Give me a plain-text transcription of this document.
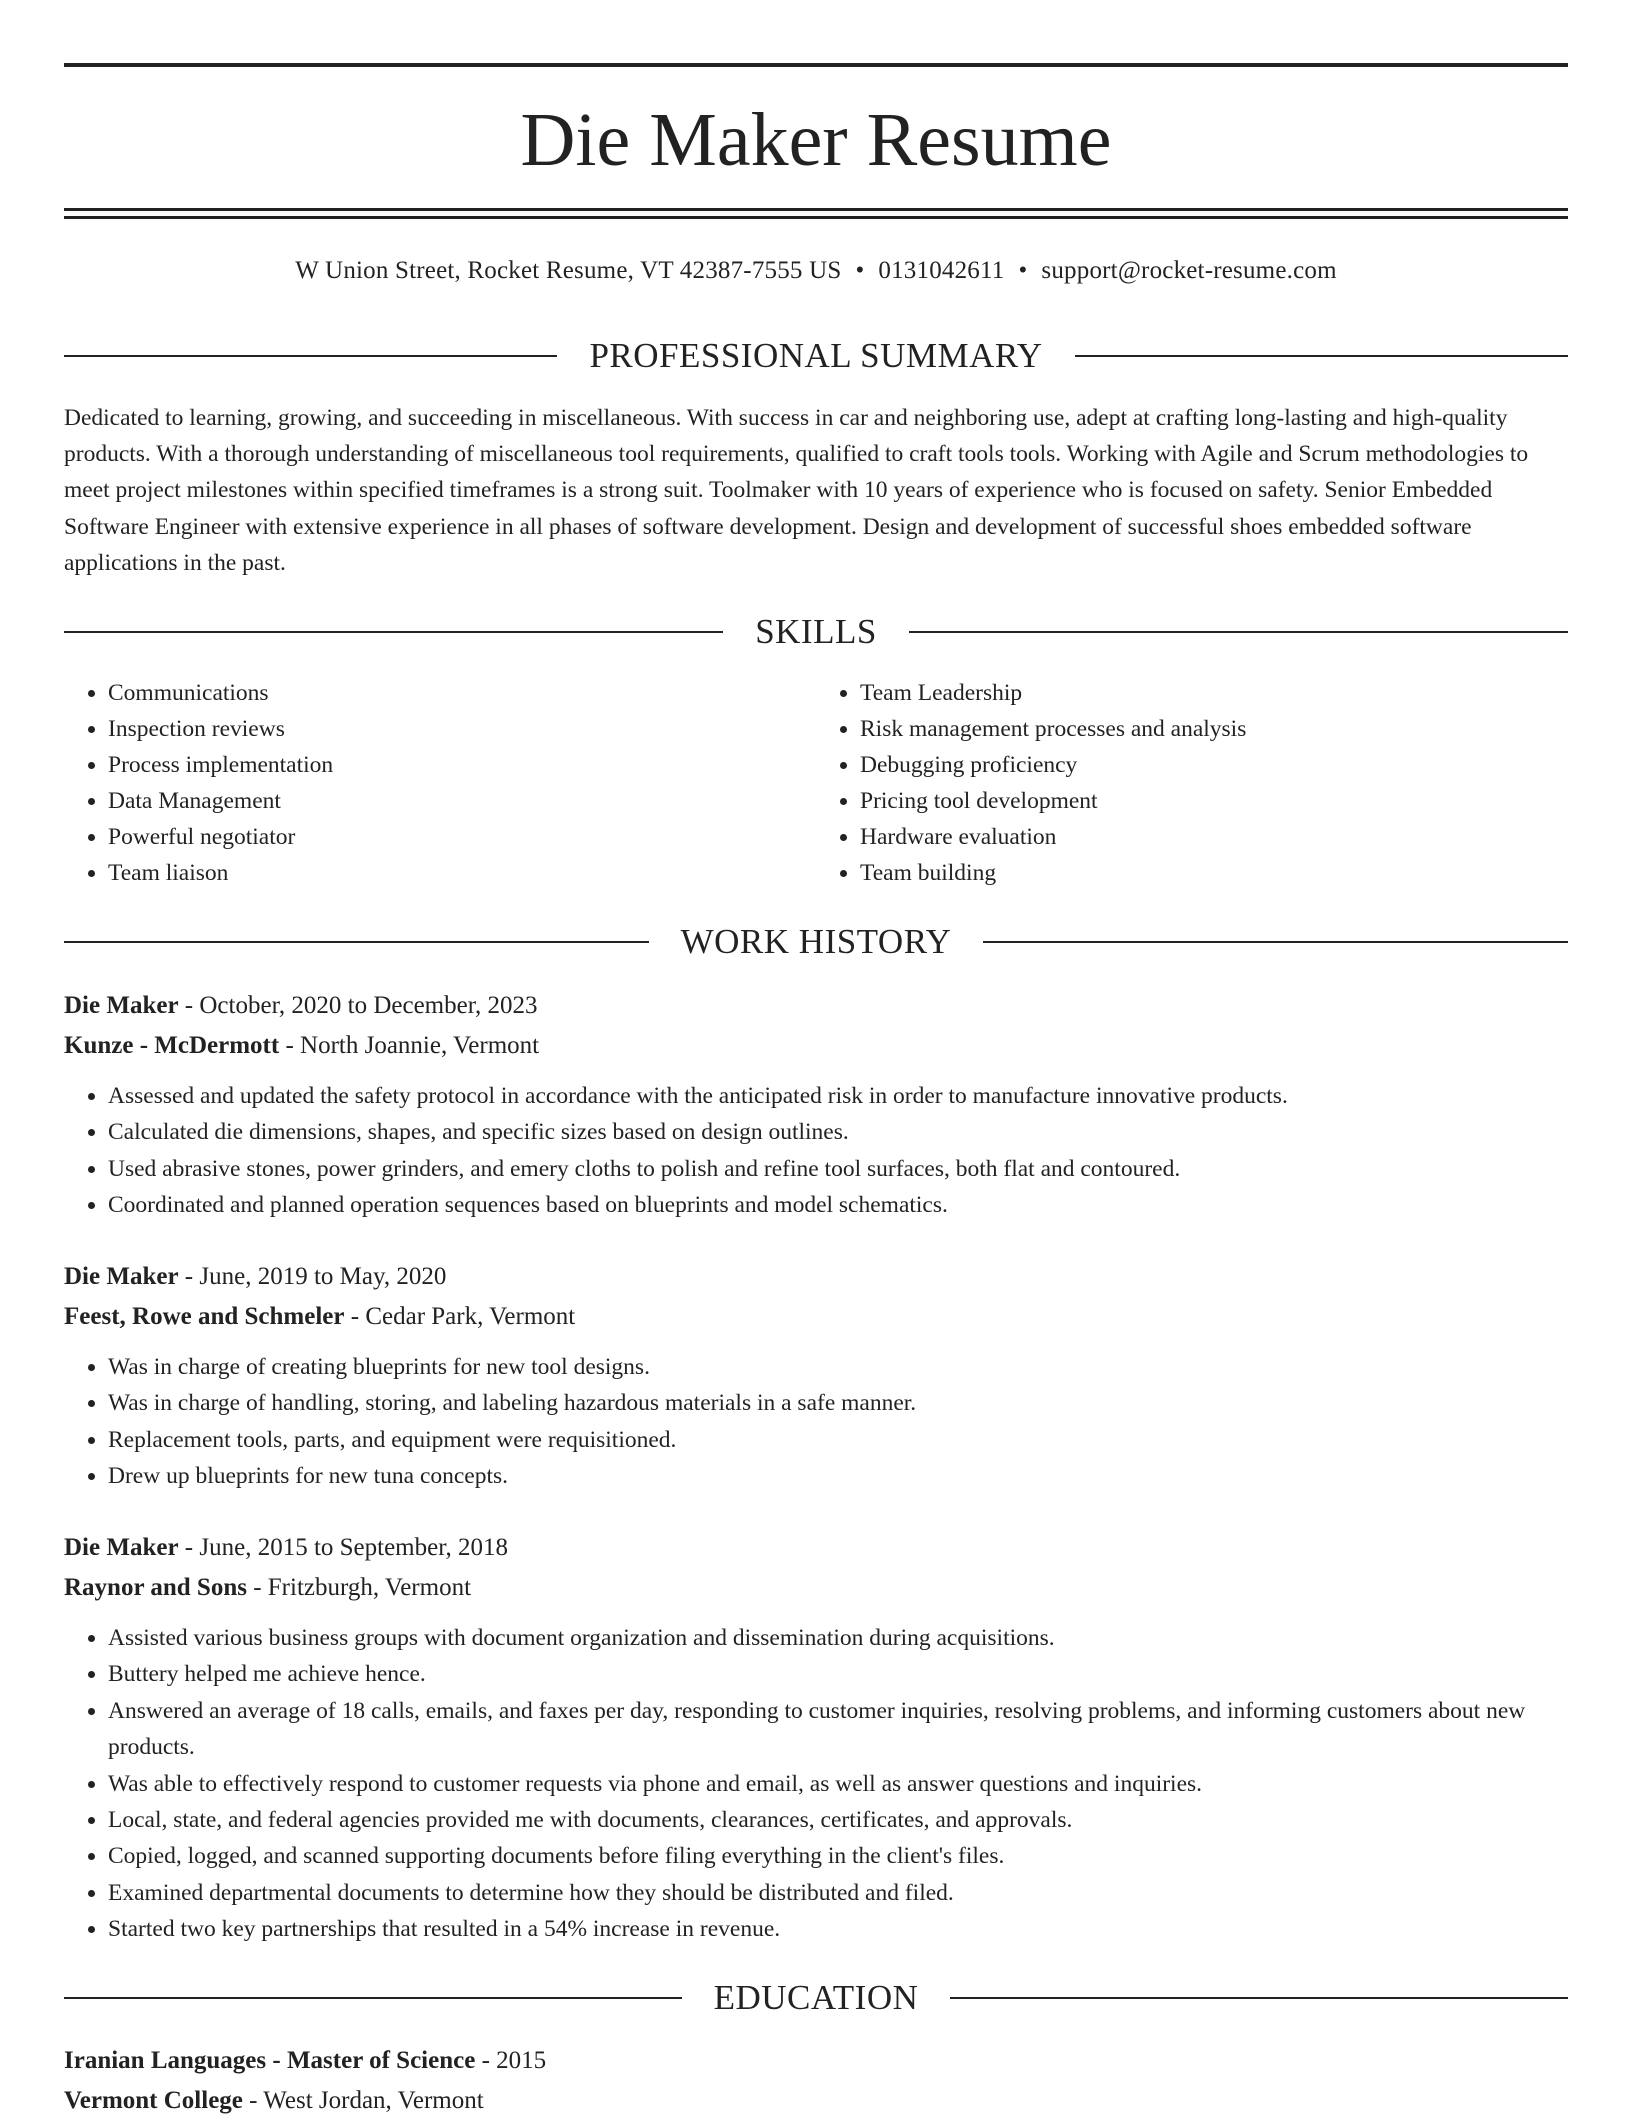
Die Maker Resume
W Union Street, Rocket Resume, VT 42387-7555 US • 0131042611 • support@rocket-resume.com
PROFESSIONAL SUMMARY

Dedicated to learning, growing, and succeeding in miscellaneous. With success in car and neighboring use, adept at crafting long-lasting and high-quality products. With a thorough understanding of miscellaneous tool requirements, qualified to craft tools tools. Working with Agile and Scrum methodologies to meet project milestones within specified timeframes is a strong suit. Toolmaker with 10 years of experience who is focused on safety. Senior Embedded Software Engineer with extensive experience in all phases of software development. Design and development of successful shoes embedded software applications in the past.

SKILLS
• Communications
• Inspection reviews
• Process implementation
• Data Management
• Powerful negotiator
• Team liaison
• Team Leadership
• Risk management processes and analysis
• Debugging proficiency
• Pricing tool development
• Hardware evaluation
• Team building
WORK HISTORY
Die Maker - October, 2020 to December, 2023
Kunze - McDermott - North Joannie, Vermont
• Assessed and updated the safety protocol in accordance with the anticipated risk in order to manufacture innovative products.
• Calculated die dimensions, shapes, and specific sizes based on design outlines.
• Used abrasive stones, power grinders, and emery cloths to polish and refine tool surfaces, both flat and contoured.
• Coordinated and planned operation sequences based on blueprints and model schematics.
Die Maker - June, 2019 to May, 2020
Feest, Rowe and Schmeler - Cedar Park, Vermont
• Was in charge of creating blueprints for new tool designs.
• Was in charge of handling, storing, and labeling hazardous materials in a safe manner.
• Replacement tools, parts, and equipment were requisitioned.
• Drew up blueprints for new tuna concepts.
Die Maker - June, 2015 to September, 2018
Raynor and Sons - Fritzburgh, Vermont
• Assisted various business groups with document organization and dissemination during acquisitions.
• Buttery helped me achieve hence.
• Answered an average of 18 calls, emails, and faxes per day, responding to customer inquiries, resolving problems, and informing customers about new products.
• Was able to effectively respond to customer requests via phone and email, as well as answer questions and inquiries.
• Local, state, and federal agencies provided me with documents, clearances, certificates, and approvals.
• Copied, logged, and scanned supporting documents before filing everything in the client's files.
• Examined departmental documents to determine how they should be distributed and filed.
• Started two key partnerships that resulted in a 54% increase in revenue.
EDUCATION
Iranian Languages - Master of Science - 2015
Vermont College - West Jordan, Vermont
